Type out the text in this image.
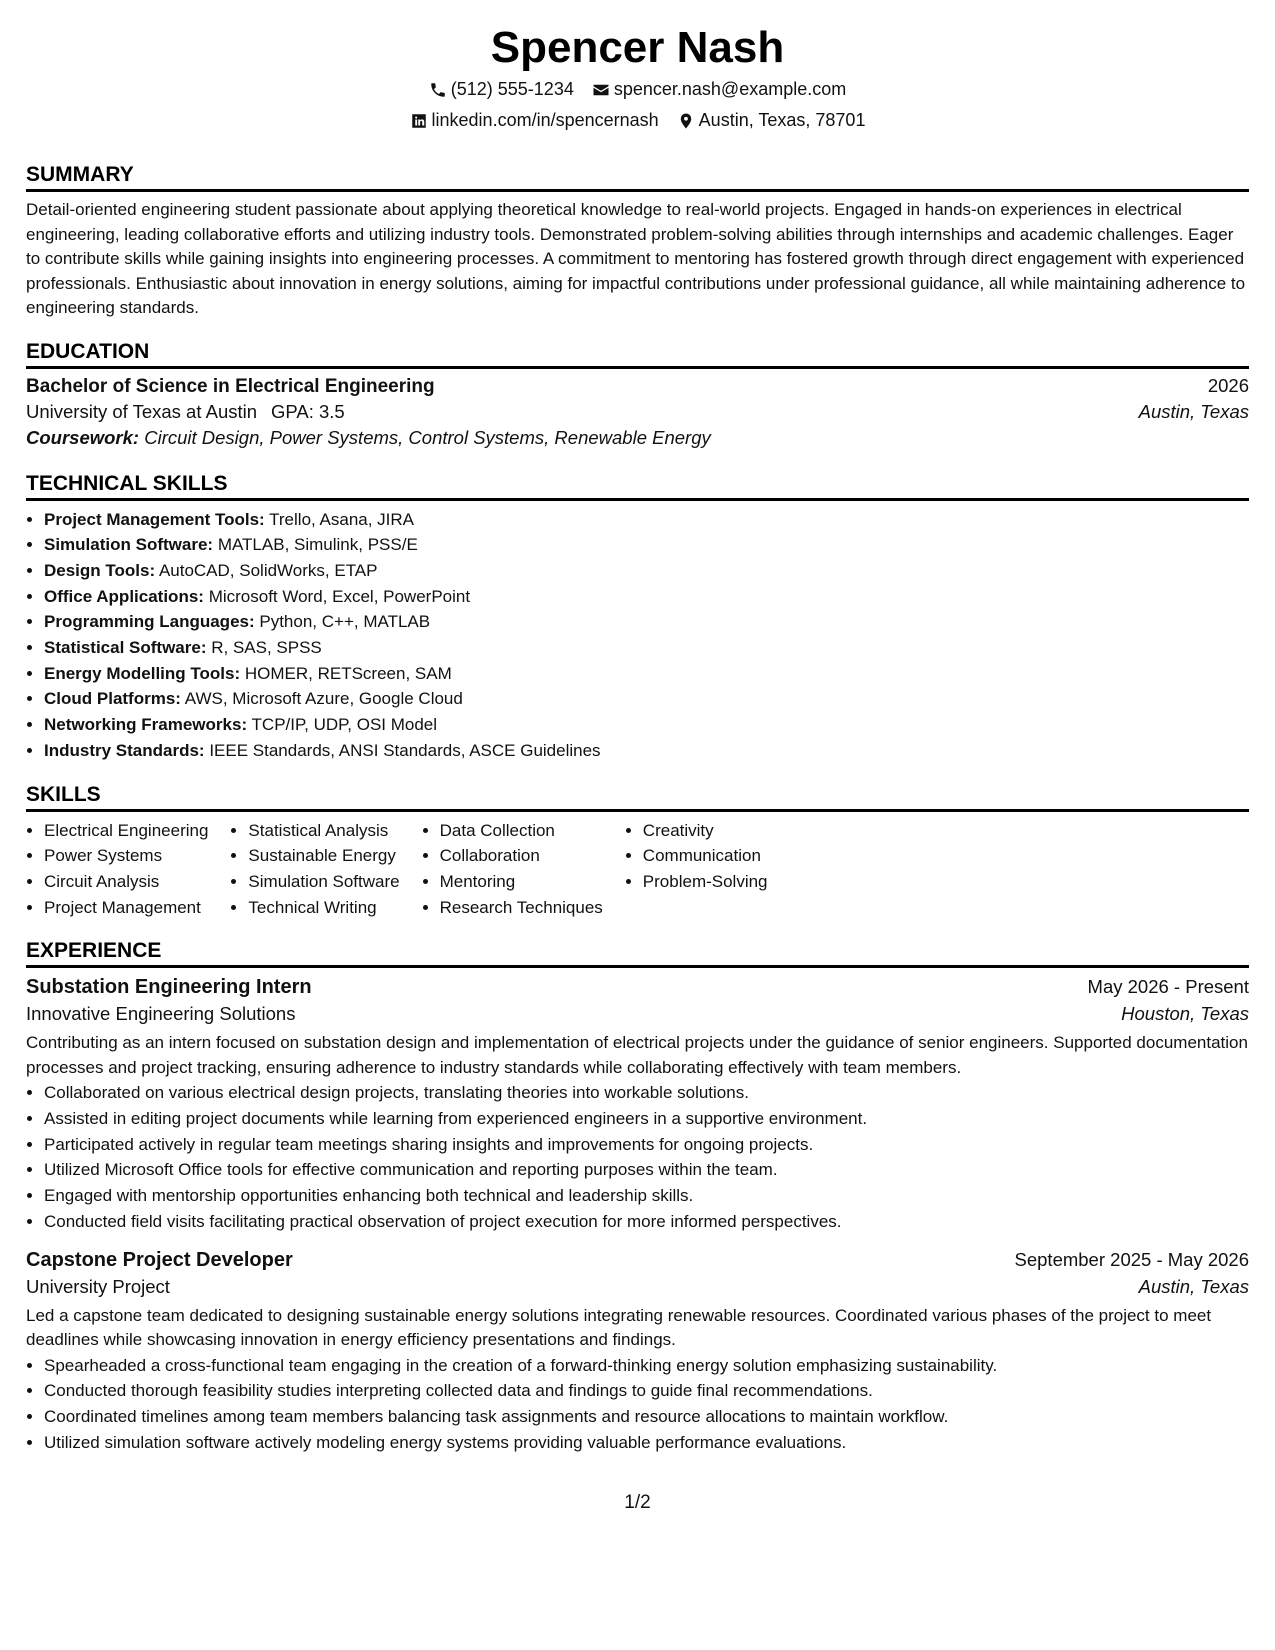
Spencer Nash
(512) 555-1234 spencer.nash@example.com
linkedin.com/in/spencernash Austin, Texas, 78701
SUMMARY

Detail-oriented engineering student passionate about applying theoretical knowledge to real-world projects. Engaged in hands-on experiences in electrical engineering, leading collaborative efforts and utilizing industry tools. Demonstrated problem-solving abilities through internships and academic challenges. Eager to contribute skills while gaining insights into engineering processes. A commitment to mentoring has fostered growth through direct engagement with experienced professionals. Enthusiastic about innovation in energy solutions, aiming for impactful contributions under professional guidance, all while maintaining adherence to engineering standards.

EDUCATION
Bachelor of Science in Electrical Engineering	2026
University of Texas at Austin GPA: 3.5	Austin, Texas
Coursework: Circuit Design, Power Systems, Control Systems, Renewable Energy
TECHNICAL SKILLS
• Project Management Tools: Trello, Asana, JIRA
• Simulation Software: MATLAB, Simulink, PSS/E
• Design Tools: AutoCAD, SolidWorks, ETAP
• Office Applications: Microsoft Word, Excel, PowerPoint
• Programming Languages: Python, C++, MATLAB
• Statistical Software: R, SAS, SPSS
• Energy Modelling Tools: HOMER, RETScreen, SAM
• Cloud Platforms: AWS, Microsoft Azure, Google Cloud
• Networking Frameworks: TCP/IP, UDP, OSI Model
• Industry Standards: IEEE Standards, ANSI Standards, ASCE Guidelines
SKILLS
• Electrical Engineering
• Power Systems
• Circuit Analysis
• Project Management
• Statistical Analysis
• Sustainable Energy
• Simulation Software
• Technical Writing
• Data Collection
• Collaboration
• Mentoring
• Research Techniques
• Creativity
• Communication
• Problem-Solving
EXPERIENCE
Substation Engineering Intern	May 2026 - Present
Innovative Engineering Solutions	Houston, Texas

Contributing as an intern focused on substation design and implementation of electrical projects under the guidance of senior engineers. Supported documentation processes and project tracking, ensuring adherence to industry standards while collaborating effectively with team members.

• Collaborated on various electrical design projects, translating theories into workable solutions.
• Assisted in editing project documents while learning from experienced engineers in a supportive environment.
• Participated actively in regular team meetings sharing insights and improvements for ongoing projects.
• Utilized Microsoft Office tools for effective communication and reporting purposes within the team.
• Engaged with mentorship opportunities enhancing both technical and leadership skills.
• Conducted field visits facilitating practical observation of project execution for more informed perspectives.
Capstone Project Developer	September 2025 - May 2026
University Project	Austin, Texas

Led a capstone team dedicated to designing sustainable energy solutions integrating renewable resources. Coordinated various phases of the project to meet deadlines while showcasing innovation in energy efficiency presentations and findings.

• Spearheaded a cross-functional team engaging in the creation of a forward-thinking energy solution emphasizing sustainability.
• Conducted thorough feasibility studies interpreting collected data and findings to guide final recommendations.
• Coordinated timelines among team members balancing task assignments and resource allocations to maintain workflow.
• Utilized simulation software actively modeling energy systems providing valuable performance evaluations.
1/2
